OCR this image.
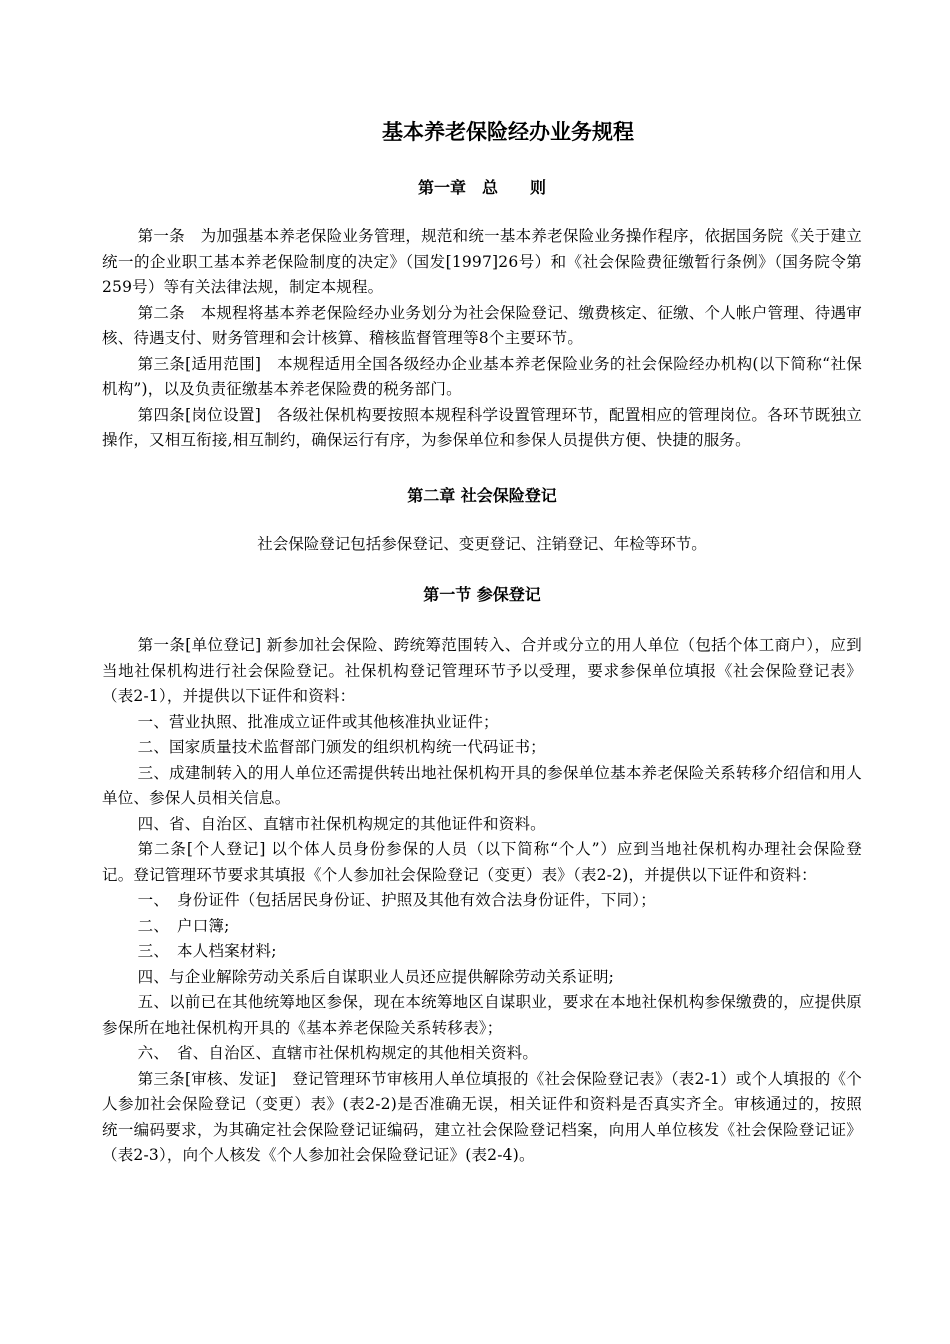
基本养老保险经办业务规程
第一章　总　　则

第一条　为加强基本养老保险业务管理，规范和统一基本养老保险业务操作程序，依据国务院《关于建立统一的企业职工基本养老保险制度的决定》（国发[1997]26号）和《社会保险费征缴暂行条例》（国务院令第259号）等有关法律法规，制定本规程。

第二条　本规程将基本养老保险经办业务划分为社会保险登记、缴费核定、征缴、个人帐户管理、待遇审核、待遇支付、财务管理和会计核算、稽核监督管理等8个主要环节。

第三条[适用范围]　本规程适用全国各级经办企业基本养老保险业务的社会保险经办机构(以下简称“社保机构”)，以及负责征缴基本养老保险费的税务部门。

第四条[岗位设置]　各级社保机构要按照本规程科学设置管理环节，配置相应的管理岗位。各环节既独立操作，又相互衔接,相互制约，确保运行有序，为参保单位和参保人员提供方便、快捷的服务。

第二章 社会保险登记

社会保险登记包括参保登记、变更登记、注销登记、年检等环节。

第一节 参保登记

第一条[单位登记] 新参加社会保险、跨统筹范围转入、合并或分立的用人单位（包括个体工商户），应到当地社保机构进行社会保险登记。社保机构登记管理环节予以受理，要求参保单位填报《社会保险登记表》（表2-1），并提供以下证件和资料：

一、营业执照、批准成立证件或其他核准执业证件；

二、国家质量技术监督部门颁发的组织机构统一代码证书；

三、成建制转入的用人单位还需提供转出地社保机构开具的参保单位基本养老保险关系转移介绍信和用人单位、参保人员相关信息。

四、省、自治区、直辖市社保机构规定的其他证件和资料。

第二条[个人登记] 以个体人员身份参保的人员（以下简称“个人”）应到当地社保机构办理社会保险登记。登记管理环节要求其填报《个人参加社会保险登记（变更）表》（表2-2)，并提供以下证件和资料：

一、　身份证件（包括居民身份证、护照及其他有效合法身份证件，下同）；

二、　户口簿;

三、　本人档案材料;

四、与企业解除劳动关系后自谋职业人员还应提供解除劳动关系证明;

五、以前已在其他统筹地区参保，现在本统筹地区自谋职业，要求在本地社保机构参保缴费的，应提供原参保所在地社保机构开具的《基本养老保险关系转移表》；

六、　省、自治区、直辖市社保机构规定的其他相关资料。

第三条[审核、发证]　登记管理环节审核用人单位填报的《社会保险登记表》（表2-1）或个人填报的《个人参加社会保险登记（变更）表》(表2-2)是否准确无误，相关证件和资料是否真实齐全。审核通过的，按照统一编码要求，为其确定社会保险登记证编码，建立社会保险登记档案，向用人单位核发《社会保险登记证》（表2-3），向个人核发《个人参加社会保险登记证》(表2-4)。
